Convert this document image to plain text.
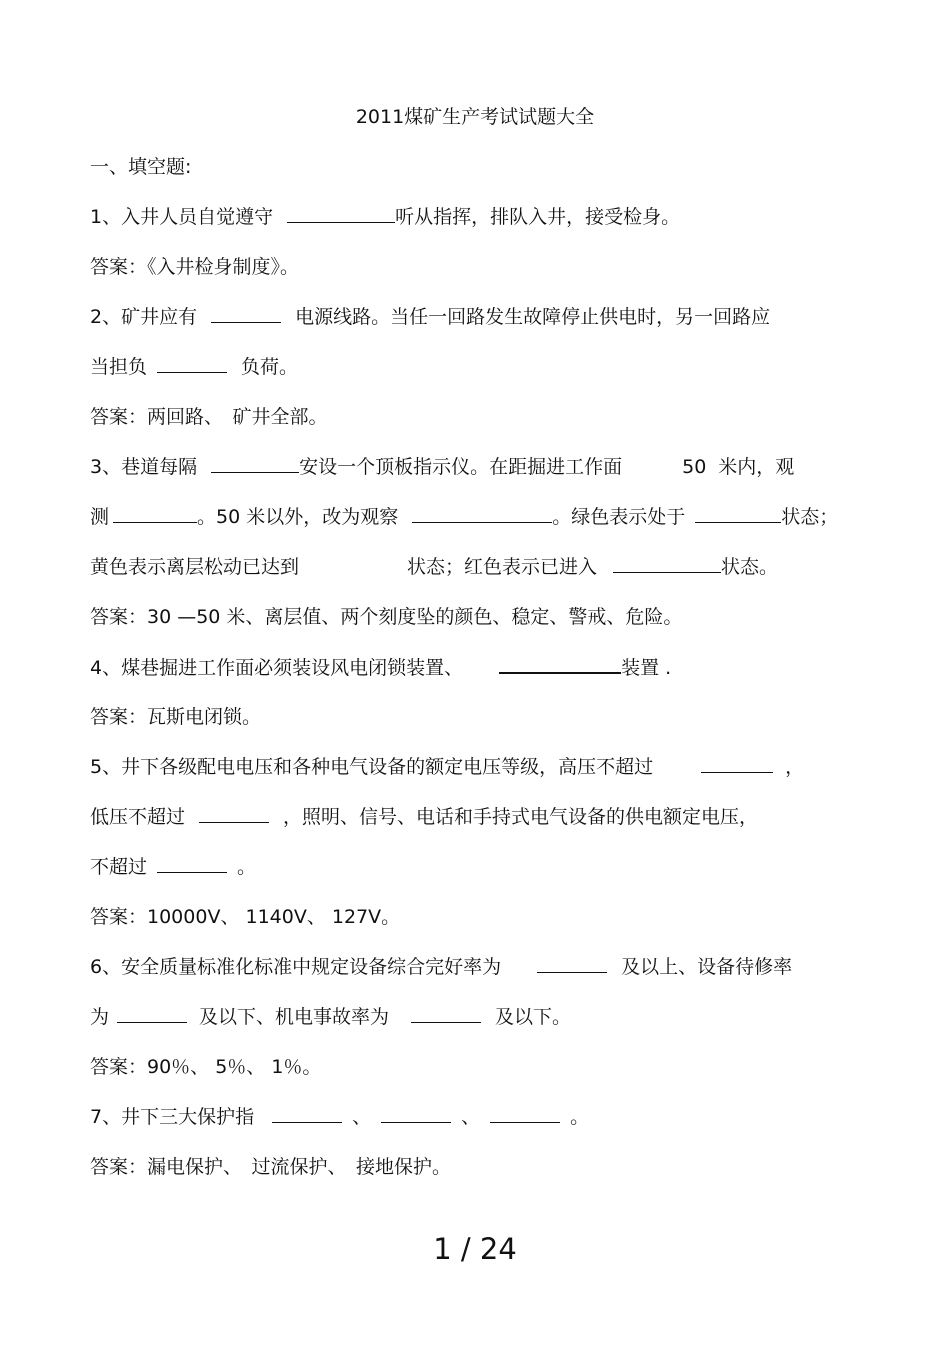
2011煤矿生产考试试题大全
一、填空题:
1、入井人员自觉遵守	听从指挥，排队入井，接受检身。
答案：《入井检身制度》。
2、矿井应有	电源线路。当任一回路发生故障停止供电时，另一回路应
当担负	负荷。
答案：两回路、　矿井全部。
3、巷道每隔	安设一个顶板指示仪。在距掘进工作面	50 米内，观
测	。50 米以外，改为观察	。绿色表示处于	状态；
黄色表示离层松动已达到	状态；红色表示已进入	状态。
答案：30 —50 米、离层值、两个刻度坠的颜色、稳定、警戒、危险。
4、煤巷掘进工作面必须装设风电闭锁装置、	装置 .
答案：瓦斯电闭锁。
5、井下各级配电电压和各种电气设备的额定电压等级，高压不超过	，
低压不超过	，照明、信号、电话和手持式电气设备的供电额定电压，
不超过	。
答案：10000V、 1140V、 127V。
6、安全质量标准化标准中规定设备综合完好率为	及以上、设备待修率
为	及以下、机电事故率为	及以下。
答案：90％、 5％、 1％。
7、井下三大保护指	、	、	。
答案：漏电保护、　过流保护、　接地保护。
1 / 24
